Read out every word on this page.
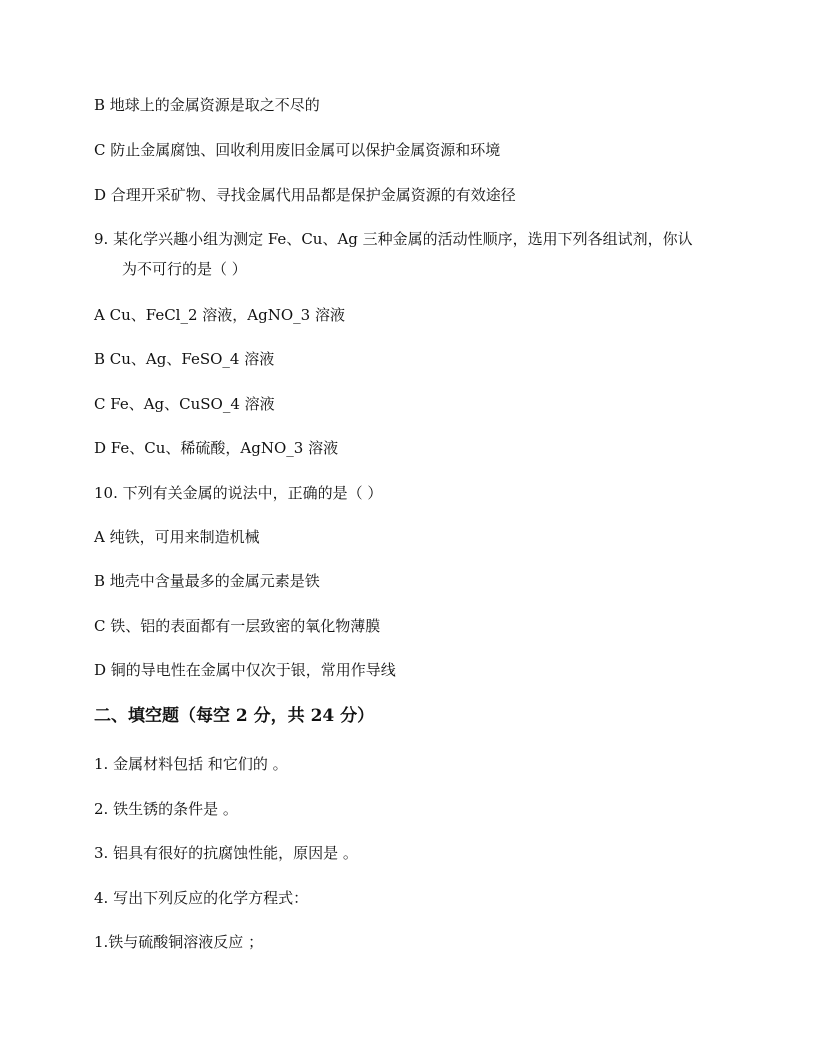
B 地球上的金属资源是取之不尽的
C 防止金属腐蚀、回收利用废旧金属可以保护金属资源和环境
D 合理开采矿物、寻找金属代用品都是保护金属资源的有效途径
9. 某化学兴趣小组为测定 Fe、Cu、Ag 三种金属的活动性顺序，选用下列各组试剂，你认
为不可行的是（ ）
A Cu、FeCl_2 溶液，AgNO_3 溶液
B Cu、Ag、FeSO_4 溶液
C Fe、Ag、CuSO_4 溶液
D Fe、Cu、稀硫酸，AgNO_3 溶液
10. 下列有关金属的说法中，正确的是（ ）
A 纯铁，可用来制造机械
B 地壳中含量最多的金属元素是铁
C 铁、铝的表面都有一层致密的氧化物薄膜
D 铜的导电性在金属中仅次于银，常用作导线
二、填空题（每空 2 分，共 24 分）
1. 金属材料包括 和它们的 。
2. 铁生锈的条件是 。
3. 铝具有很好的抗腐蚀性能，原因是 。
4. 写出下列反应的化学方程式：
1.铁与硫酸铜溶液反应 ；
